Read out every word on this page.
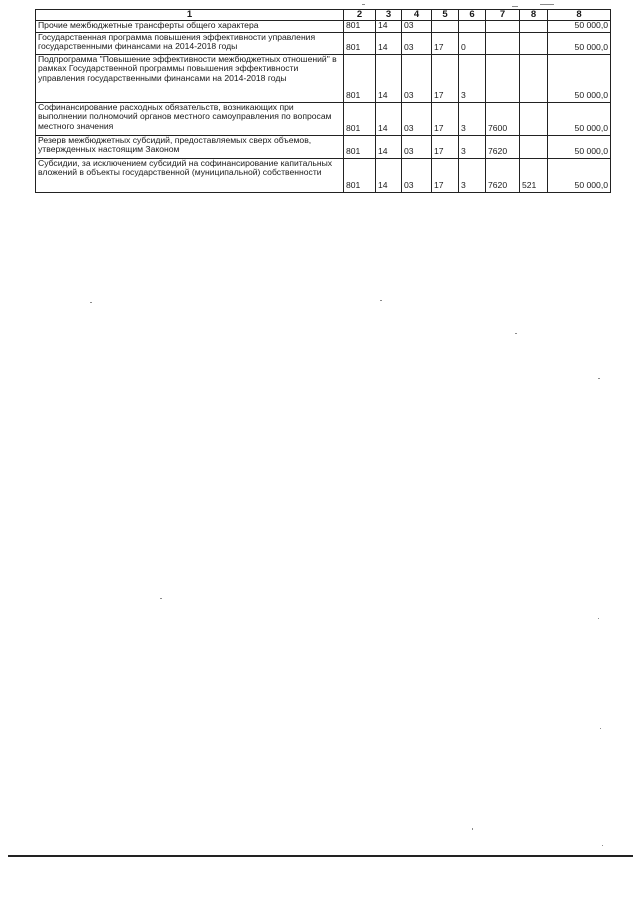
1	2	3	4	5	6	7	8	8
Прочие межбюджетные трансферты общего характера	801	14	03					50 000,0
Государственная программа повышения эффективности управления государственными финансами на 2014-2018 годы	801	14	03	17	0			50 000,0
Подпрограмма "Повышение эффективности межбюджетных отношений" в рамках Государственной программы повышения эффективности управления государственными финансами на 2014-2018 годы	801	14	03	17	3			50 000,0
Софинансирование расходных обязательств, возникающих при выполнении полномочий органов местного самоуправления по вопросам местного значения	801	14	03	17	3	7600		50 000,0
Резерв межбюджетных субсидий, предоставляемых сверх объемов, утвержденных настоящим Законом	801	14	03	17	3	7620		50 000,0
Субсидии, за исключением субсидий на софинансирование капитальных вложений в объекты государственной (муниципальной) собственности	801	14	03	17	3	7620	521	50 000,0
